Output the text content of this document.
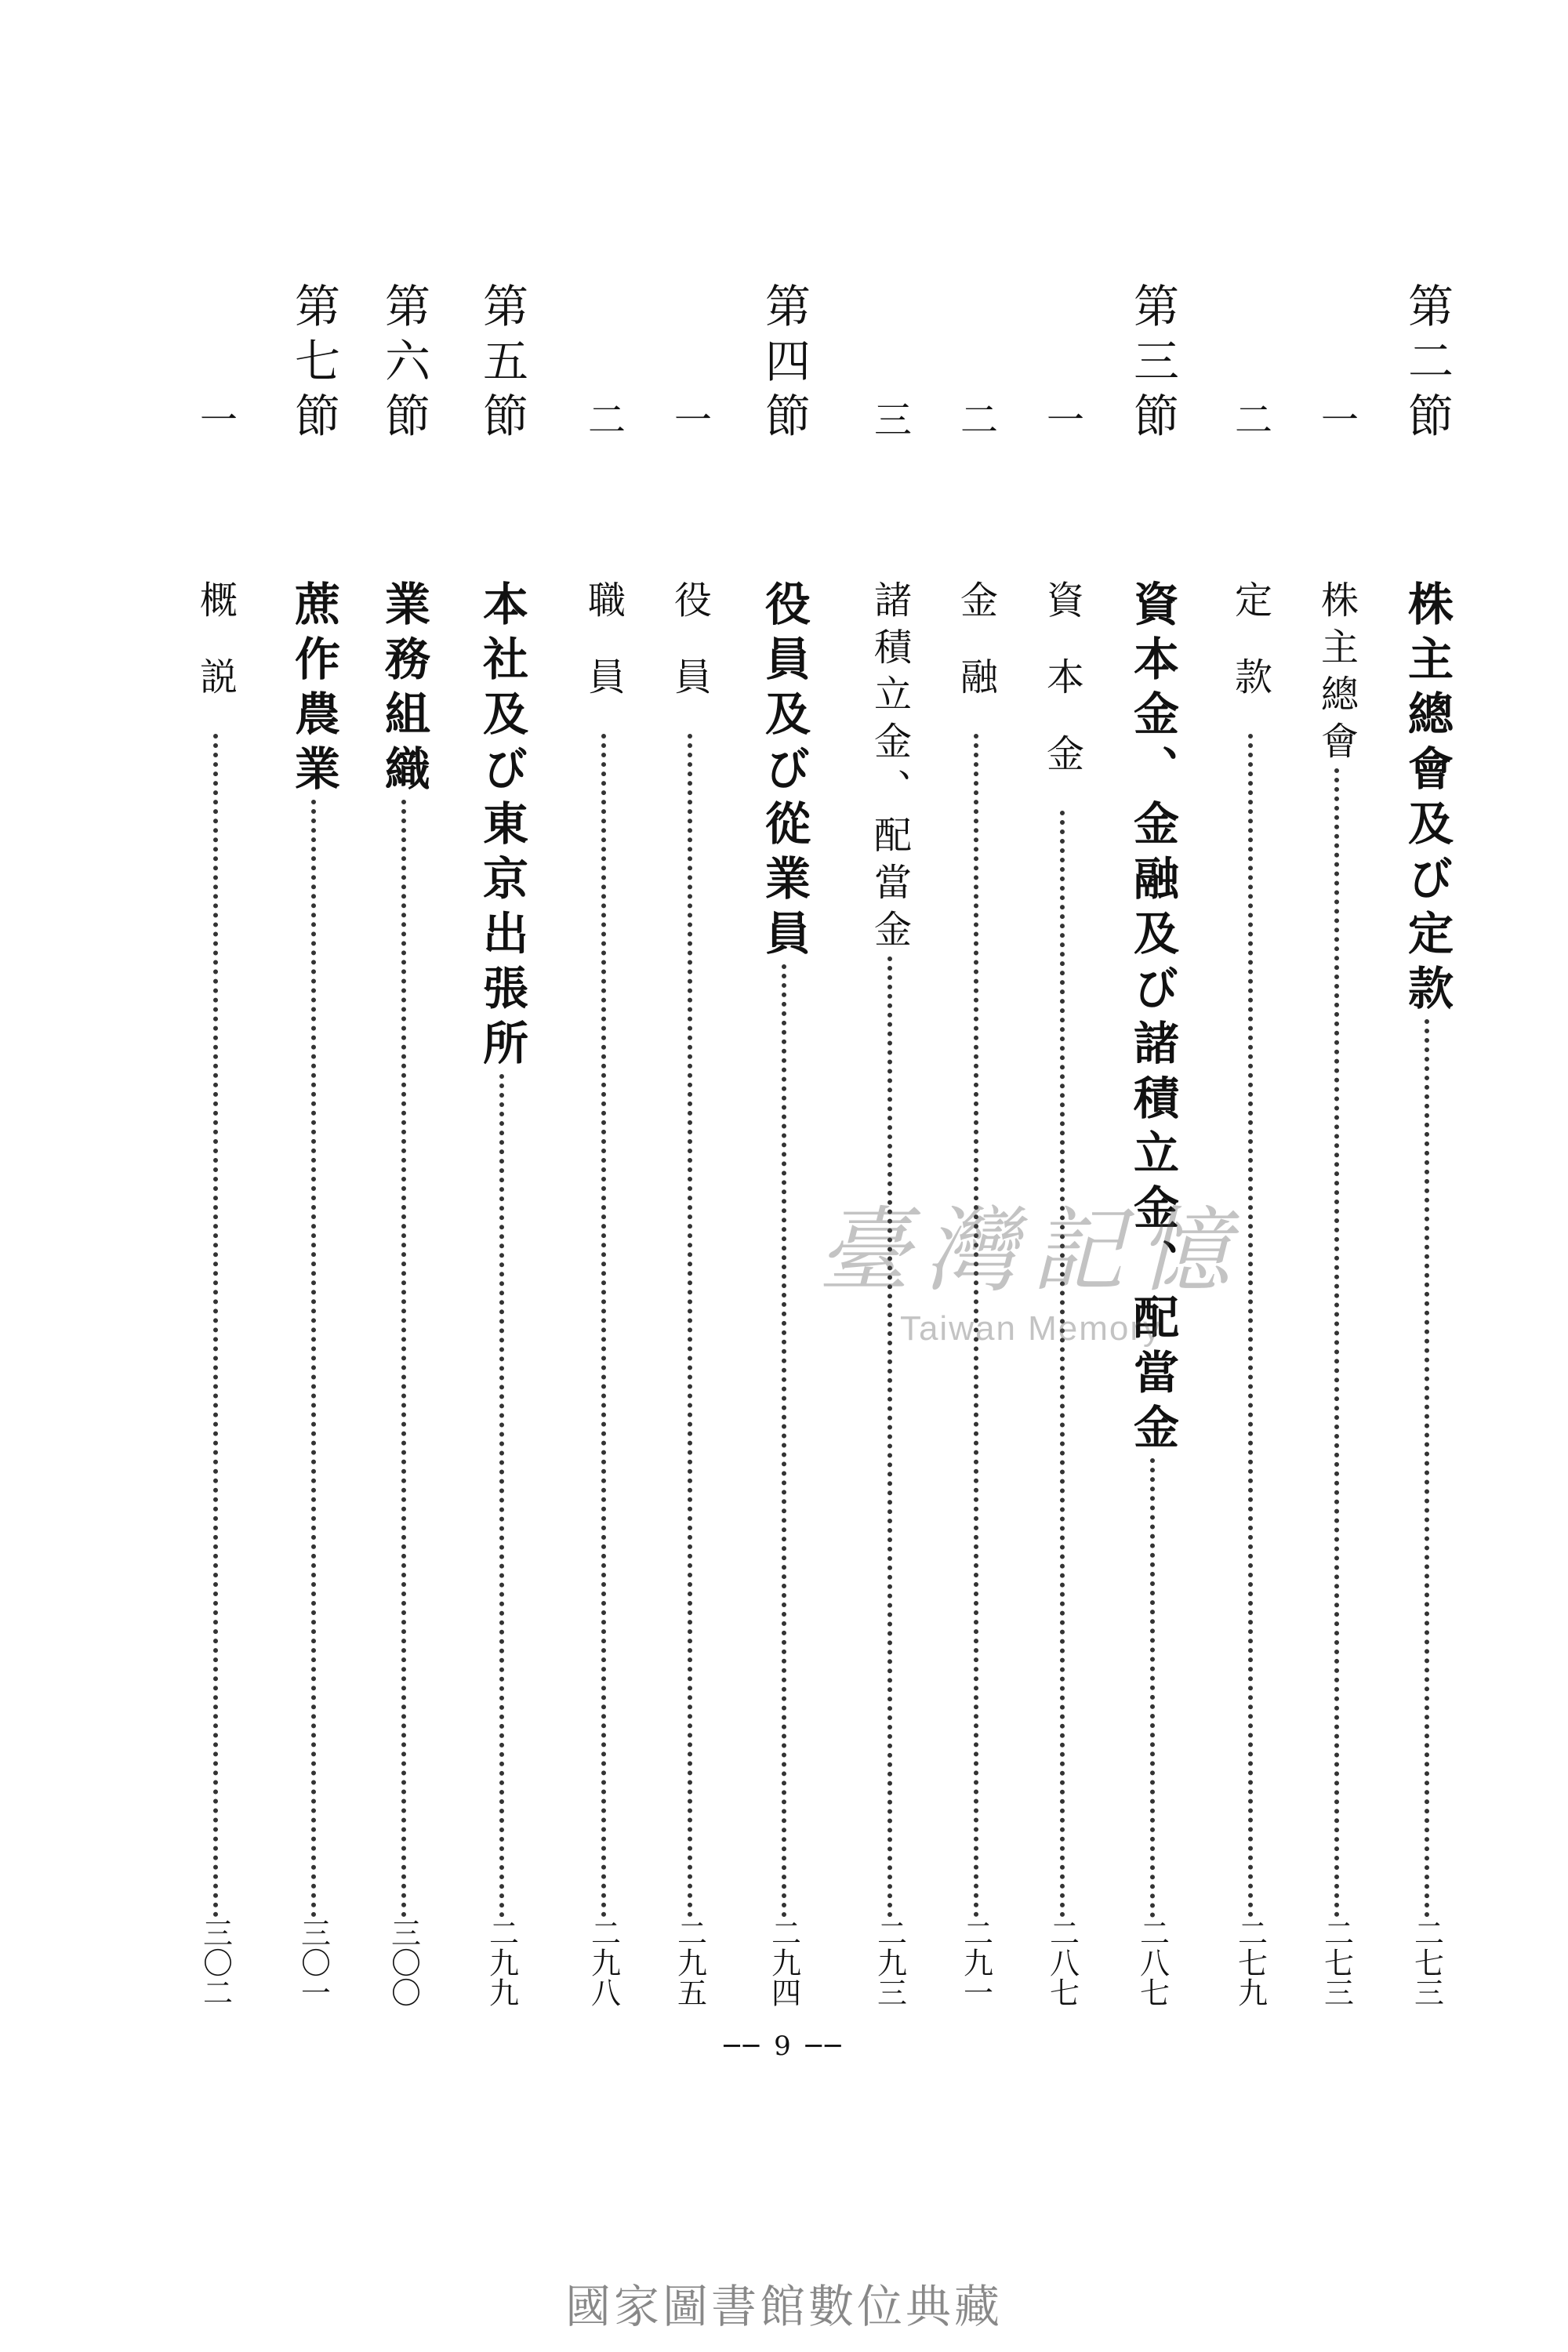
第二節
株主總會及び定款
二七三
一
株主總會
二七三
二
定款
二七九
第三節
資本金、金融及び諸積立金、配當金
二八七
一
資本金
二八七
二
金融
二九一
三
諸積立金、配當金
二九三
第四節
役員及び從業員
二九四
一
役員
二九五
二
職員
二九八
第五節
本社及び東京出張所
二九九
第六節
業務組織
三〇〇
第七節
蔗作農業
三〇一
一
概説
三〇二
臺灣記憶
Taiwan Memory
── 9 ──
國家圖書館數位典藏
